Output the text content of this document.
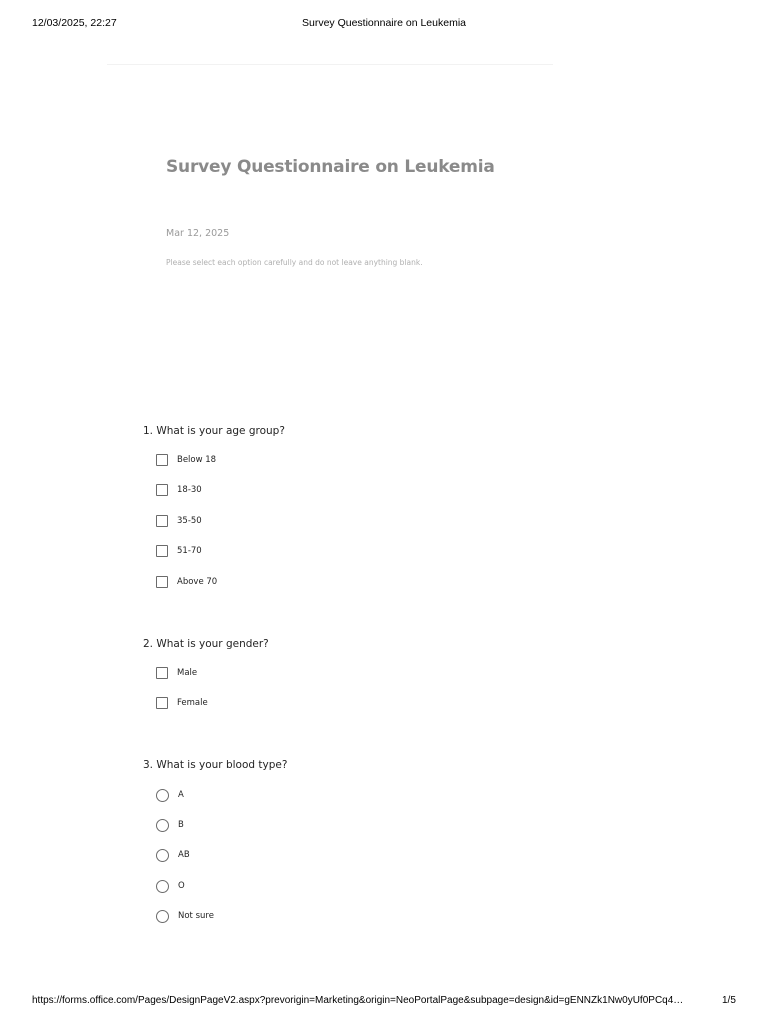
12/03/2025, 22:27	Survey Questionnaire on Leukemia
Survey Questionnaire on Leukemia
Mar 12, 2025
Please select each option carefully and do not leave anything blank.
1. What is your age group?
Below 18
18-30
35-50
51-70
Above 70
2. What is your gender?
Male
Female
3. What is your blood type?
A
B
AB
O
Not sure
https://forms.office.com/Pages/DesignPageV2.aspx?prevorigin=Marketing&origin=NeoPortalPage&subpage=design&id=gENNZk1Nw0yUf0PCq4…	1/5
